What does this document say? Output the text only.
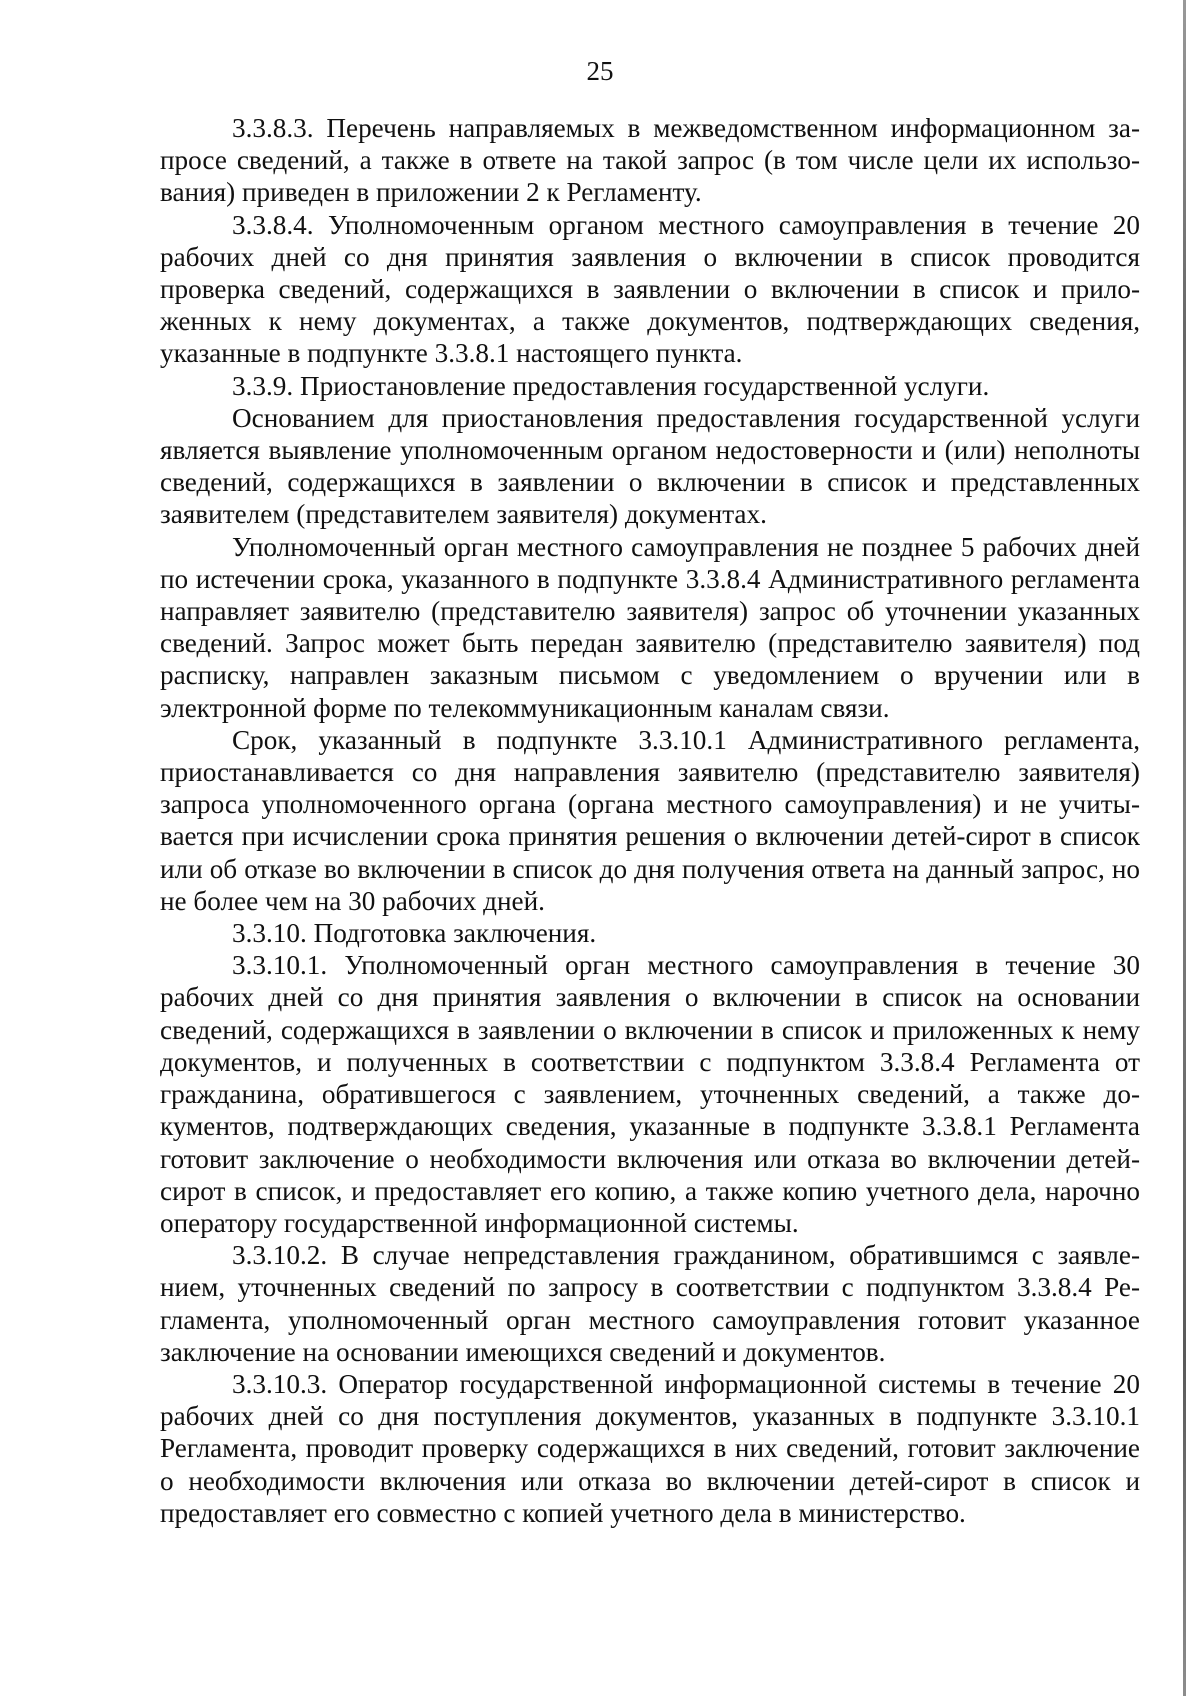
25

3.3.8.3. Перечень направляемых в межведомственном информационном запросе сведений, а также в ответе на такой запрос (в том числе цели их использования) приведен в приложении 2 к Регламенту.

3.3.8.4. Уполномоченным органом местного самоуправления в течение 20 рабочих дней со дня принятия заявления о включении в список проводится проверка сведений, содержащихся в заявлении о включении в список и приложенных к нему документах, а также документов, подтверждающих сведения, указанные в подпункте 3.3.8.1 настоящего пункта.

3.3.9. Приостановление предоставления государственной услуги.

Основанием для приостановления предоставления государственной услуги является выявление уполномоченным органом недостоверности и (или) неполноты сведений, содержащихся в заявлении о включении в список и представленных заявителем (представителем заявителя) документах.

Уполномоченный орган местного самоуправления не позднее 5 рабочих дней по истечении срока, указанного в подпункте 3.3.8.4 Административного регламента направляет заявителю (представителю заявителя) запрос об уточнении указанных сведений. Запрос может быть передан заявителю (представителю заявителя) под расписку, направлен заказным письмом с уведомлением о вручении или в электронной форме по телекоммуникационным каналам связи.

Срок, указанный в подпункте 3.3.10.1 Административного регламента, приостанавливается со дня направления заявителю (представителю заявителя) запроса уполномоченного органа (органа местного самоуправления) и не учитывается при исчислении срока принятия решения о включении детей-сирот в список или об отказе во включении в список до дня получения ответа на данный запрос, но не более чем на 30 рабочих дней.

3.3.10. Подготовка заключения.

3.3.10.1. Уполномоченный орган местного самоуправления в течение 30 рабочих дней со дня принятия заявления о включении в список на основании сведений, содержащихся в заявлении о включении в список и приложенных к нему документов, и полученных в соответствии с подпунктом 3.3.8.4 Регламента от гражданина, обратившегося с заявлением, уточненных сведений, а также документов, подтверждающих сведения, указанные в подпункте 3.3.8.1 Регламента готовит заключение о необходимости включения или отказа во включении детей-сирот в список, и предоставляет его копию, а также копию учетного дела, нарочно оператору государственной информационной системы.

3.3.10.2. В случае непредставления гражданином, обратившимся с заявлением, уточненных сведений по запросу в соответствии с подпунктом 3.3.8.4 Регламента, уполномоченный орган местного самоуправления готовит указанное заключение на основании имеющихся сведений и документов.

3.3.10.3. Оператор государственной информационной системы в течение 20 рабочих дней со дня поступления документов, указанных в подпункте 3.3.10.1 Регламента, проводит проверку содержащихся в них сведений, готовит заключение о необходимости включения или отказа во включении детей-сирот в список и предоставляет его совместно с копией учетного дела в министерство.
